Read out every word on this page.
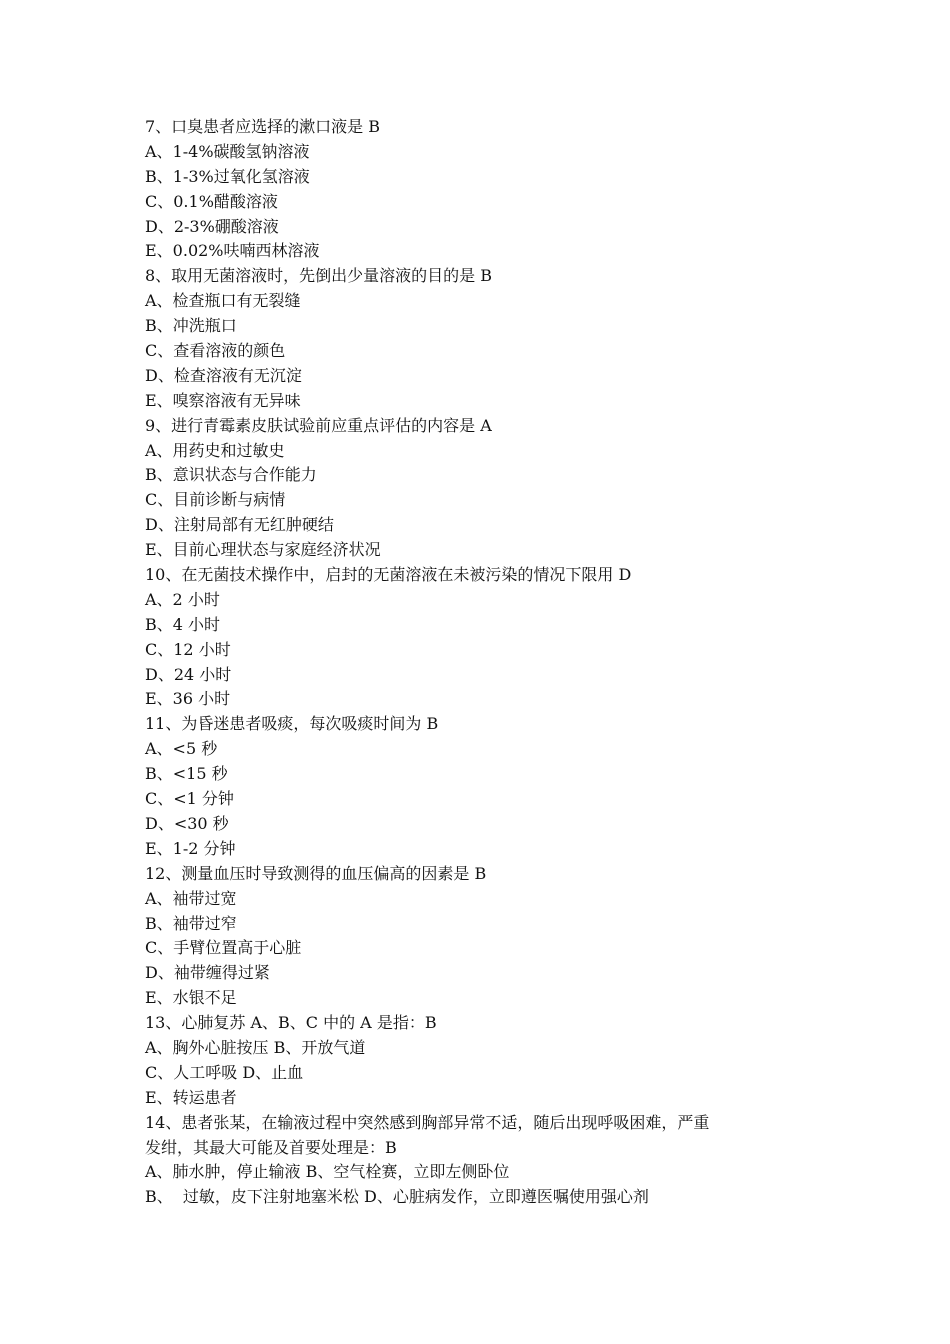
7、口臭患者应选择的漱口液是 B

A、1-4%碳酸氢钠溶液

B、1-3%过氧化氢溶液

C、0.1%醋酸溶液

D、2-3%硼酸溶液

E、0.02%呋喃西林溶液

8、取用无菌溶液时，先倒出少量溶液的目的是 B

A、检查瓶口有无裂缝

B、冲洗瓶口

C、查看溶液的颜色

D、检查溶液有无沉淀

E、嗅察溶液有无异味

9、进行青霉素皮肤试验前应重点评估的内容是 A

A、用药史和过敏史

B、意识状态与合作能力

C、目前诊断与病情

D、注射局部有无红肿硬结

E、目前心理状态与家庭经济状况

10、在无菌技术操作中，启封的无菌溶液在未被污染的情况下限用 D

A、2 小时

B、4 小时

C、12 小时

D、24 小时

E、36 小时

11、为昏迷患者吸痰，每次吸痰时间为 B

A、<5 秒

B、<15 秒

C、<1 分钟

D、<30 秒

E、1-2 分钟

12、测量血压时导致测得的血压偏高的因素是 B

A、袖带过宽

B、袖带过窄

C、手臂位置高于心脏

D、袖带缠得过紧

E、水银不足

13、心肺复苏 A、B、C 中的 A 是指：B

A、胸外心脏按压 B、开放气道

C、人工呼吸 D、止血

E、转运患者

14、患者张某，在输液过程中突然感到胸部异常不适，随后出现呼吸困难，严重

发绀，其最大可能及首要处理是：B

A、肺水肿，停止输液 B、空气栓赛，立即左侧卧位

B、  过敏，皮下注射地塞米松 D、心脏病发作，立即遵医嘱使用强心剂
